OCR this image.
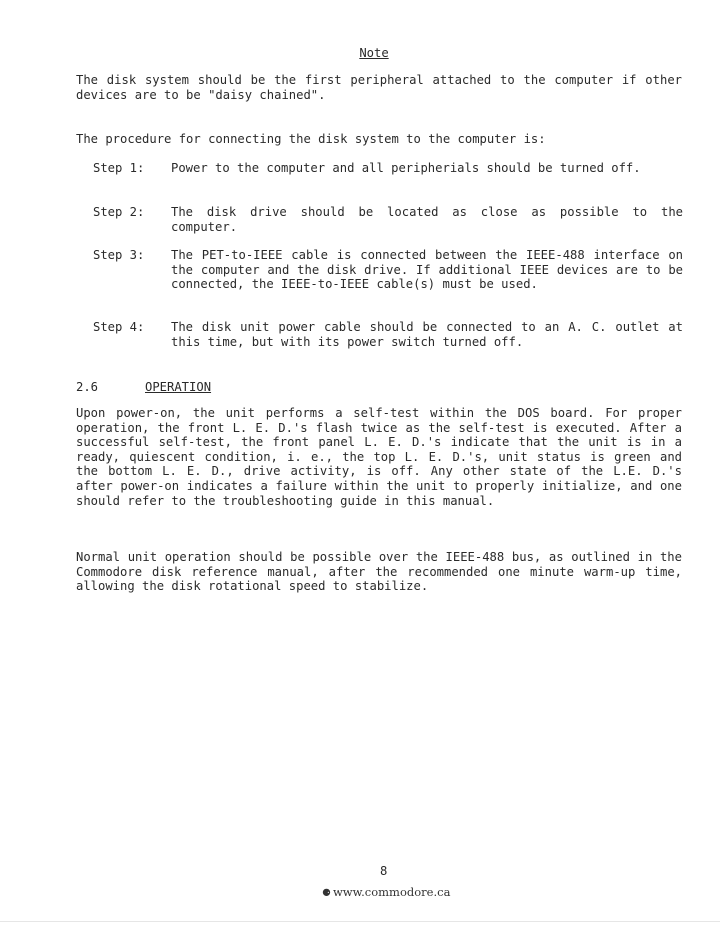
Note
The disk system should be the first peripheral attached to the computer if other devices are to be "daisy chained".
The procedure for connecting the disk system to the computer is:
Step 1:	Power to the computer and all peripherials should be turned off.
Step 2:	The disk drive should be located as close as possible to the computer.
Step 3:	The PET-to-IEEE cable is connected between the IEEE-488 interface on the computer and the disk drive. If additional IEEE devices are to be connected, the IEEE-to-IEEE cable(s) must be used.
Step 4:	The disk unit power cable should be connected to an A. C. outlet at this time, but with its power switch turned off.
2.6	OPERATION
Upon power-on, the unit performs a self-test within the DOS board. For proper operation, the front L. E. D.'s flash twice as the self-test is executed. After a successful self-test, the front panel L. E. D.'s indicate that the unit is in a ready, quiescent condition, i. e., the top L. E. D.'s, unit status is green and the bottom L. E. D., drive activity, is off. Any other state of the L.E. D.'s after power-on indicates a failure within the unit to properly initialize, and one should refer to the troubleshooting guide in this manual.
Normal unit operation should be possible over the IEEE-488 bus, as outlined in the Commodore disk reference manual, after the recommended one minute warm-up time, allowing the disk rotational speed to stabilize.
8
⚈ www.commodore.ca
